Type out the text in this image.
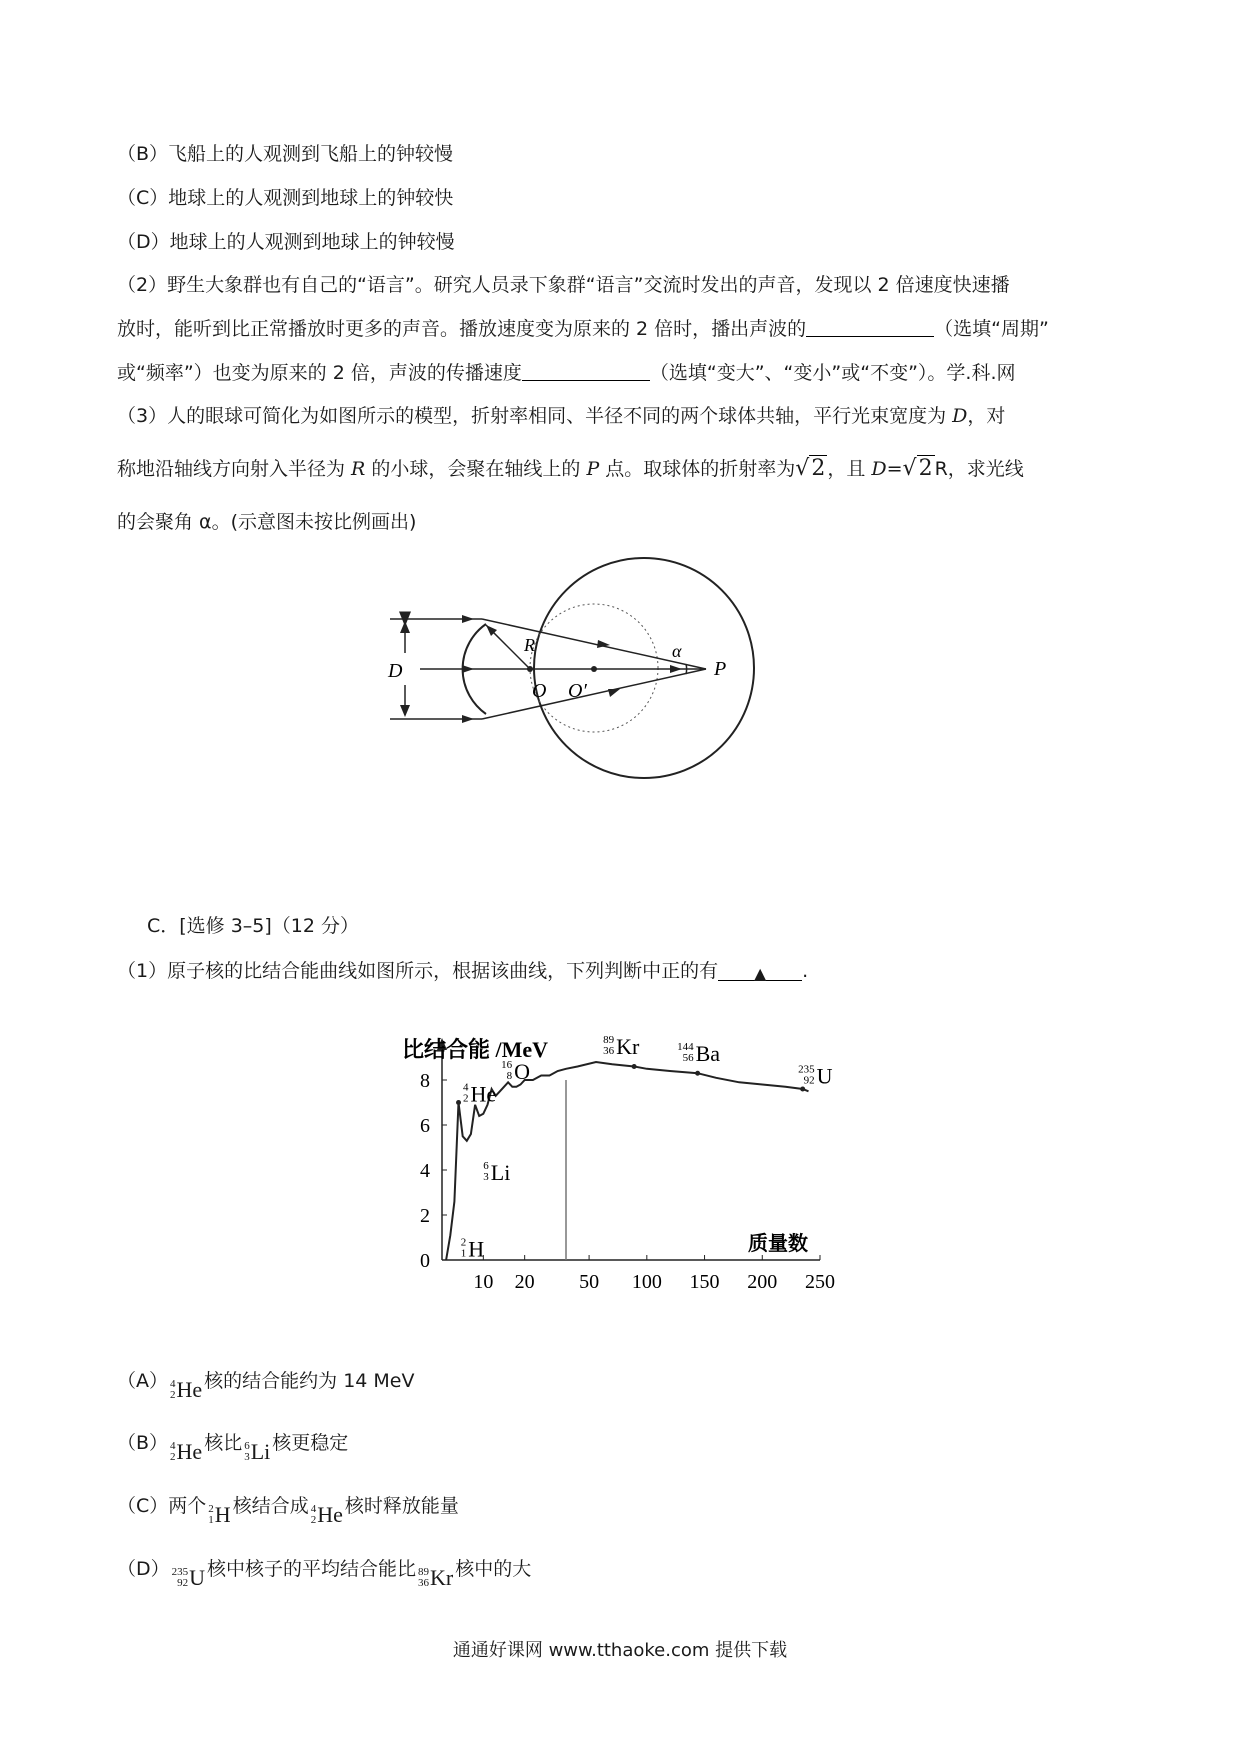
（B）飞船上的人观测到飞船上的钟较慢
（C）地球上的人观测到地球上的钟较快
（D）地球上的人观测到地球上的钟较慢
（2）野生大象群也有自己的“语言”。研究人员录下象群“语言”交流时发出的声音，发现以 2 倍速度快速播
放时，能听到比正常播放时更多的声音。播放速度变为原来的 2 倍时，播出声波的	（选填“周期”
或“频率”）也变为原来的 2 倍，声波的传播速度	（选填“变大”、“变小”或“不变”）。学.科.网
（3）人的眼球可简化为如图所示的模型，折射率相同、半径不同的两个球体共轴，平行光束宽度为 D，对
称地沿轴线方向射入半径为 R 的小球，会聚在轴线上的 P 点。取球体的折射率为√2 ，且 D=√2 R，求光线
的会聚角 α。(示意图未按比例画出)
D
R
O O′
α
P
C．[选修 3–5]（12 分）
（1）原子核的比结合能曲线如图所示，根据该曲线，下列判断中正的有 ▲ .
比结合能 /MeV
质量数
0
2
4
6
8
10 20 50 100 150 200 250
2
1 H
4
2 He
6
3 Li
16
8 O
89
36 Kr	144
56 Ba
235
92 U
（A） 4
2 He 核的结合能约为 14 MeV
（B） 4
2 He 核比 6
3 Li 核更稳定
（C）两个 2
1 H 核结合成 4
2 He 核时释放能量
（D） 235
92 U 核中核子的平均结合能比 89
36 Kr 核中的大
通通好课网 www.tthaoke.com 提供下载
